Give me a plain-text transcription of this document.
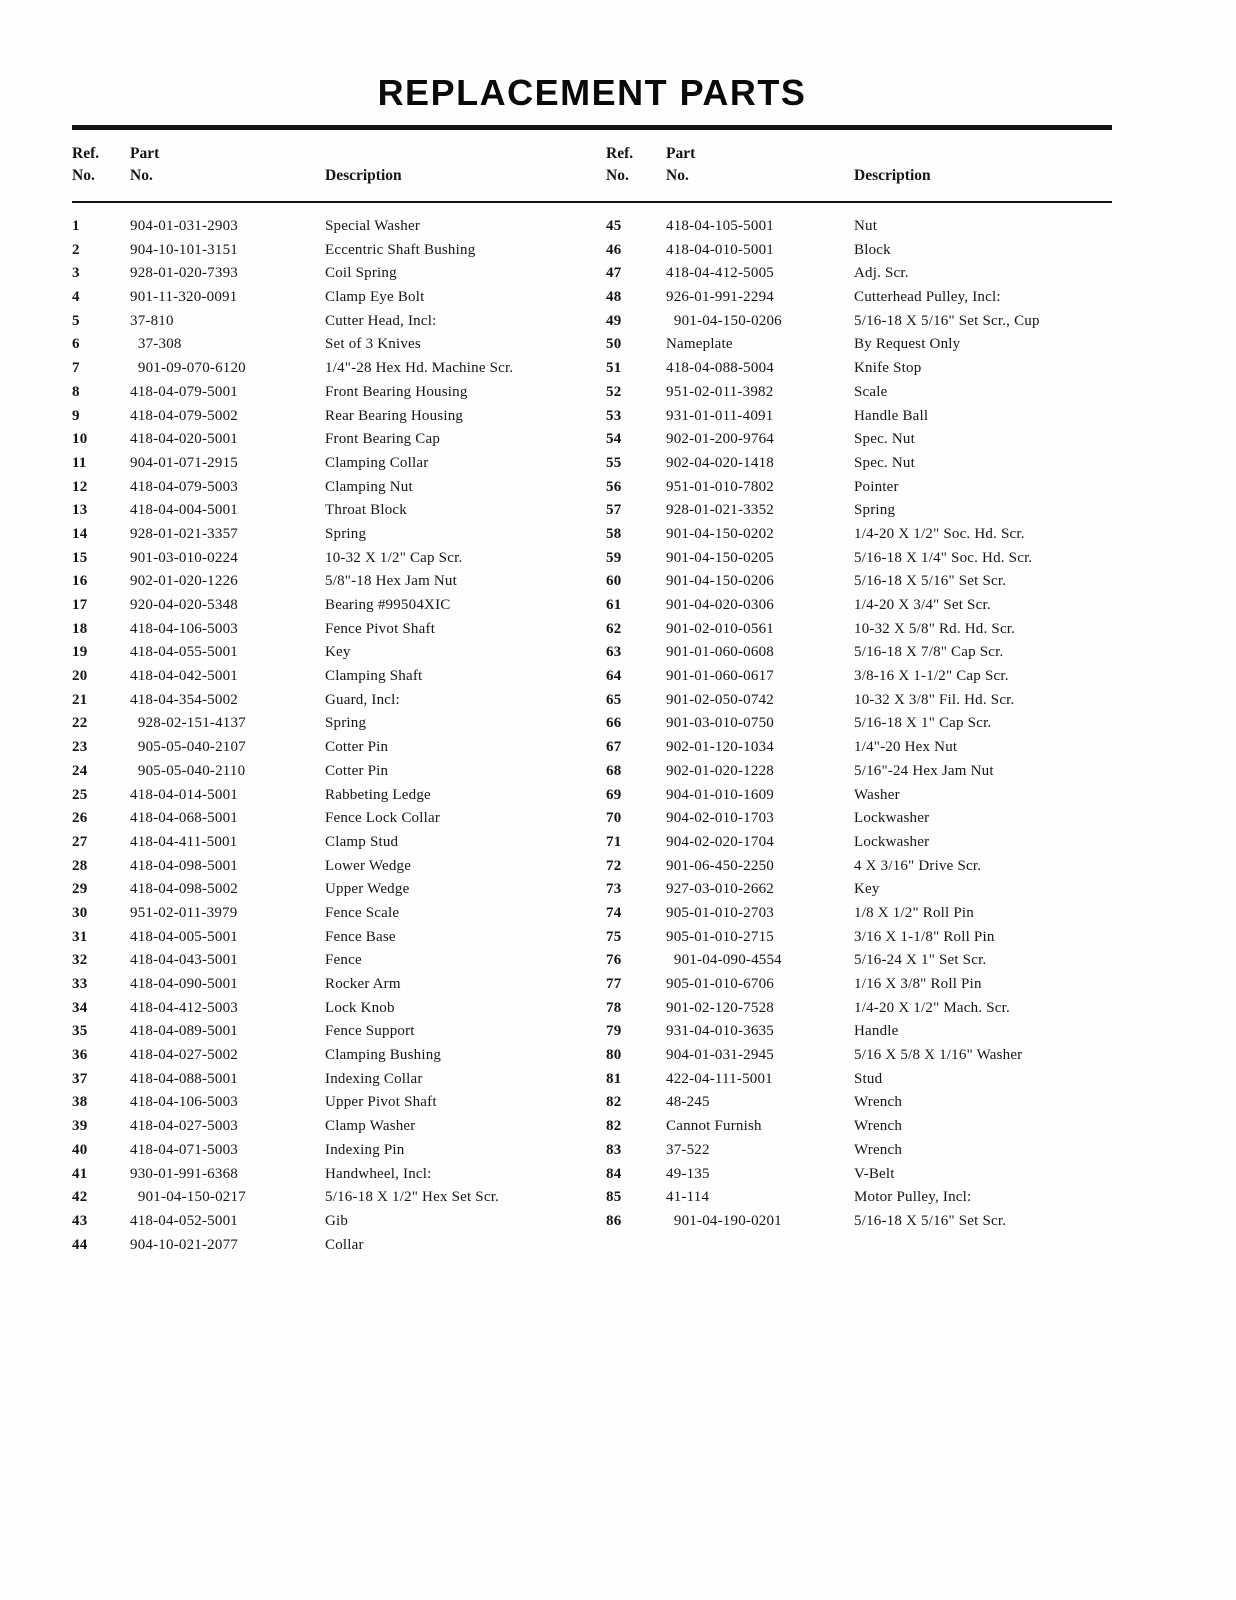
REPLACEMENT PARTS
Ref.
No.
Part
No.	Description
Ref.
No.
Part
No.	Description
1	904-01-031-2903	Special Washer
2	904-10-101-3151	Eccentric Shaft Bushing
3	928-01-020-7393	Coil Spring
4	901-11-320-0091	Clamp Eye Bolt
5	37-810	Cutter Head, Incl:
6	37-308	Set of 3 Knives
7	901-09-070-6120	1/4"-28 Hex Hd. Machine Scr.
8	418-04-079-5001	Front Bearing Housing
9	418-04-079-5002	Rear Bearing Housing
10	418-04-020-5001	Front Bearing Cap
11	904-01-071-2915	Clamping Collar
12	418-04-079-5003	Clamping Nut
13	418-04-004-5001	Throat Block
14	928-01-021-3357	Spring
15	901-03-010-0224	10-32 X 1/2" Cap Scr.
16	902-01-020-1226	5/8"-18 Hex Jam Nut
17	920-04-020-5348	Bearing #99504XIC
18	418-04-106-5003	Fence Pivot Shaft
19	418-04-055-5001	Key
20	418-04-042-5001	Clamping Shaft
21	418-04-354-5002	Guard, Incl:
22	928-02-151-4137	Spring
23	905-05-040-2107	Cotter Pin
24	905-05-040-2110	Cotter Pin
25	418-04-014-5001	Rabbeting Ledge
26	418-04-068-5001	Fence Lock Collar
27	418-04-411-5001	Clamp Stud
28	418-04-098-5001	Lower Wedge
29	418-04-098-5002	Upper Wedge
30	951-02-011-3979	Fence Scale
31	418-04-005-5001	Fence Base
32	418-04-043-5001	Fence
33	418-04-090-5001	Rocker Arm
34	418-04-412-5003	Lock Knob
35	418-04-089-5001	Fence Support
36	418-04-027-5002	Clamping Bushing
37	418-04-088-5001	Indexing Collar
38	418-04-106-5003	Upper Pivot Shaft
39	418-04-027-5003	Clamp Washer
40	418-04-071-5003	Indexing Pin
41	930-01-991-6368	Handwheel, Incl:
42	901-04-150-0217	5/16-18 X 1/2" Hex Set Scr.
43	418-04-052-5001	Gib
44	904-10-021-2077	Collar
45	418-04-105-5001	Nut
46	418-04-010-5001	Block
47	418-04-412-5005	Adj. Scr.
48	926-01-991-2294	Cutterhead Pulley, Incl:
49	901-04-150-0206	5/16-18 X 5/16" Set Scr., Cup
50	Nameplate	By Request Only
51	418-04-088-5004	Knife Stop
52	951-02-011-3982	Scale
53	931-01-011-4091	Handle Ball
54	902-01-200-9764	Spec. Nut
55	902-04-020-1418	Spec. Nut
56	951-01-010-7802	Pointer
57	928-01-021-3352	Spring
58	901-04-150-0202	1/4-20 X 1/2" Soc. Hd. Scr.
59	901-04-150-0205	5/16-18 X 1/4" Soc. Hd. Scr.
60	901-04-150-0206	5/16-18 X 5/16" Set Scr.
61	901-04-020-0306	1/4-20 X 3/4" Set Scr.
62	901-02-010-0561	10-32 X 5/8" Rd. Hd. Scr.
63	901-01-060-0608	5/16-18 X 7/8" Cap Scr.
64	901-01-060-0617	3/8-16 X 1-1/2" Cap Scr.
65	901-02-050-0742	10-32 X 3/8" Fil. Hd. Scr.
66	901-03-010-0750	5/16-18 X 1" Cap Scr.
67	902-01-120-1034	1/4"-20 Hex Nut
68	902-01-020-1228	5/16"-24 Hex Jam Nut
69	904-01-010-1609	Washer
70	904-02-010-1703	Lockwasher
71	904-02-020-1704	Lockwasher
72	901-06-450-2250	4 X 3/16" Drive Scr.
73	927-03-010-2662	Key
74	905-01-010-2703	1/8 X 1/2" Roll Pin
75	905-01-010-2715	3/16 X 1-1/8" Roll Pin
76	901-04-090-4554	5/16-24 X 1" Set Scr.
77	905-01-010-6706	1/16 X 3/8" Roll Pin
78	901-02-120-7528	1/4-20 X 1/2" Mach. Scr.
79	931-04-010-3635	Handle
80	904-01-031-2945	5/16 X 5/8 X 1/16" Washer
81	422-04-111-5001	Stud
82	48-245	Wrench
82	Cannot Furnish	Wrench
83	37-522	Wrench
84	49-135	V-Belt
85	41-114	Motor Pulley, Incl:
86	901-04-190-0201	5/16-18 X 5/16" Set Scr.
